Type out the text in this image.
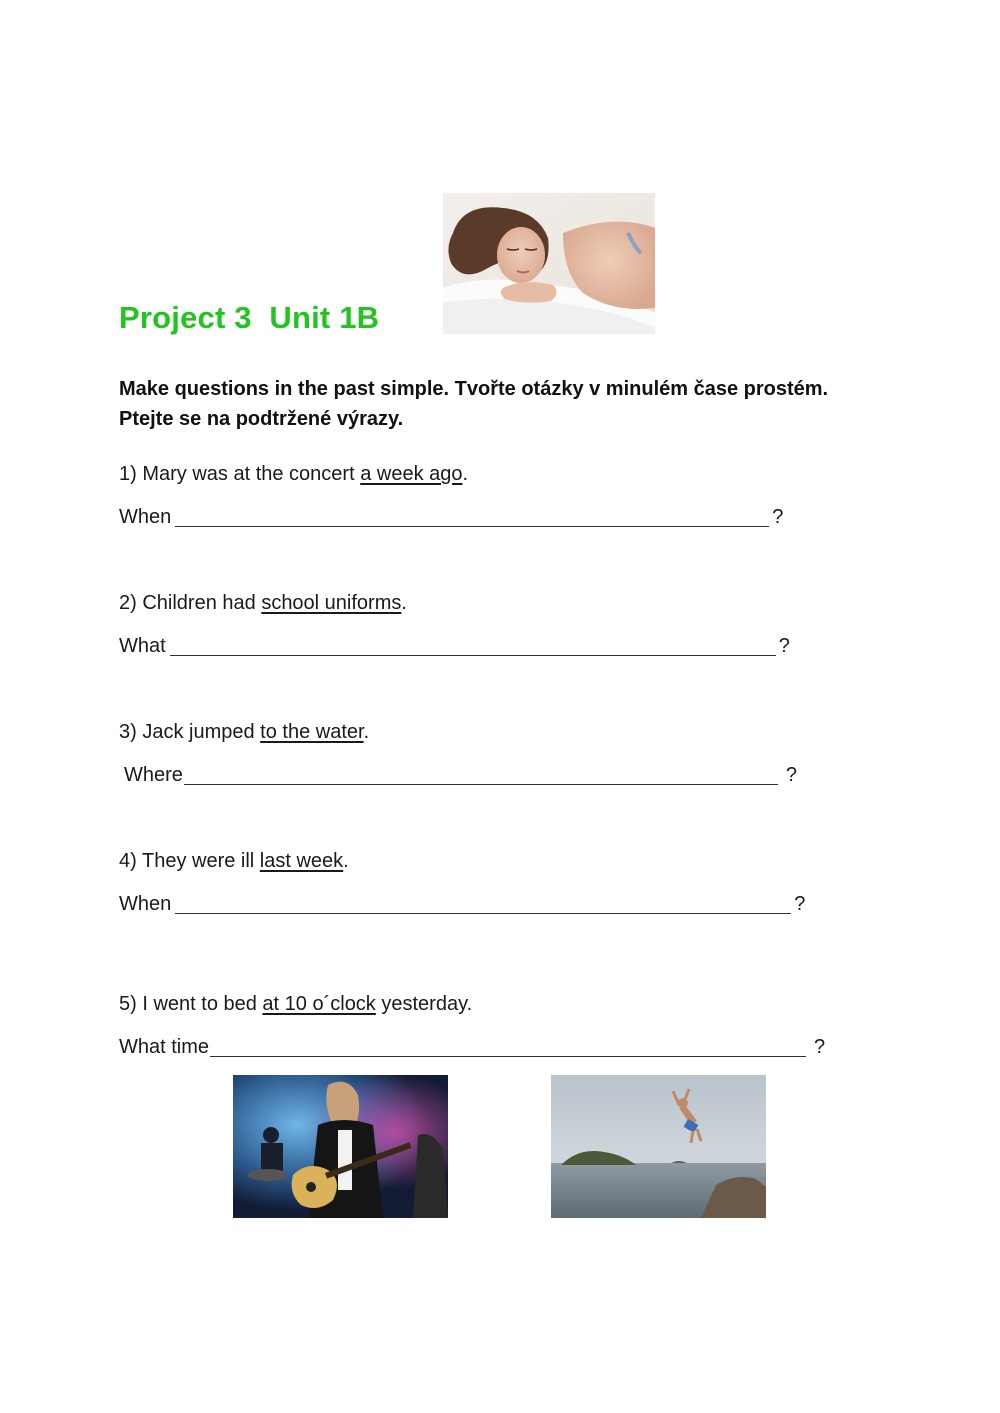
Project 3  Unit 1B
Make questions in the past simple. Tvořte otázky v minulém čase prostém.
Ptejte se na podtržené výrazy.
1) Mary was at the concert a week ago.
When	?
2) Children had school uniforms.
What	?
3) Jack jumped to the water.
Where	?
4) They were ill last week.
When	?
5) I went to bed at 10 o´clock yesterday.
What time	?
